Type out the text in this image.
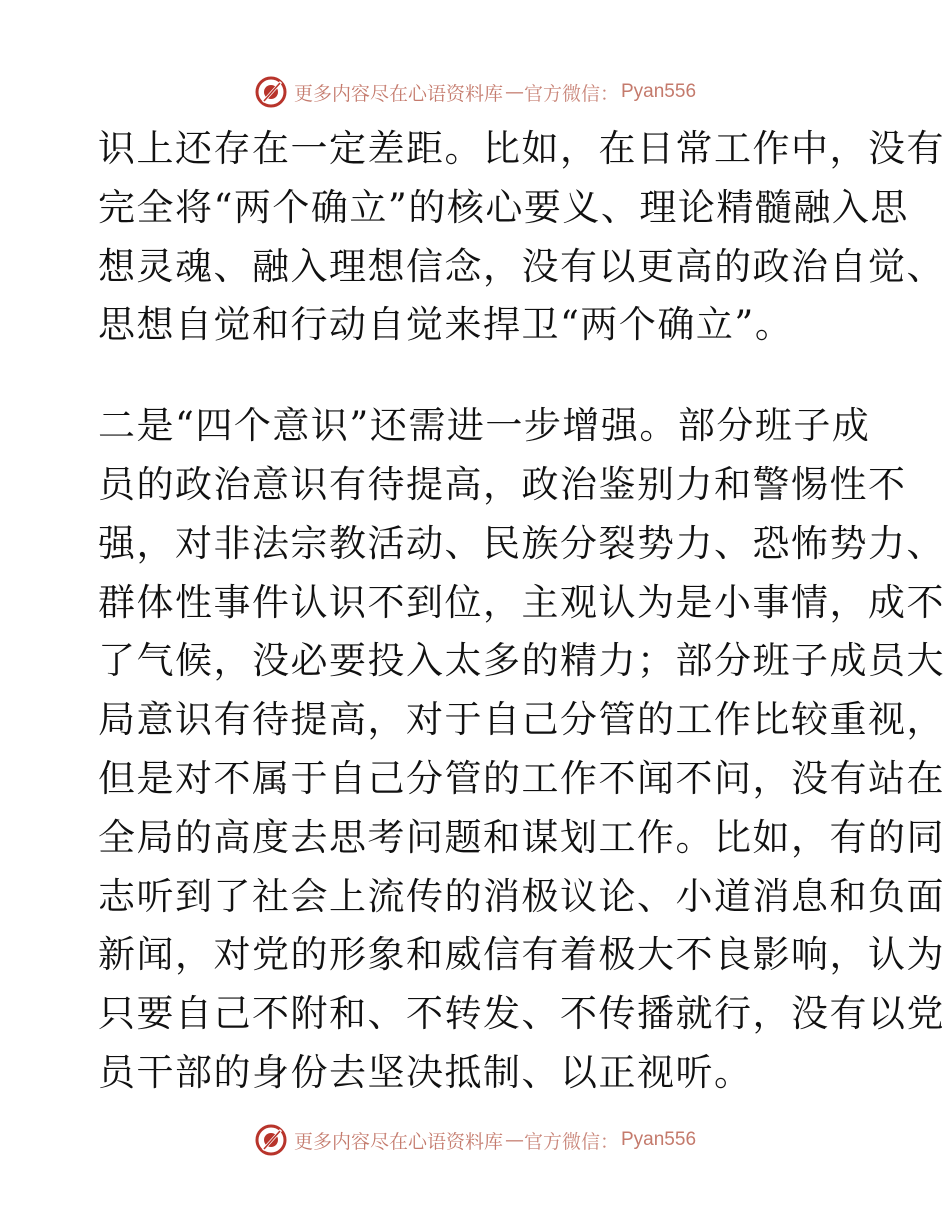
更多内容尽在心语资料库 — 官方微信： Pyan556
识上还存在一定差距。比如，在日常工作中，没有
完全将“两个确立”的核心要义、理论精髓融入思
想灵魂、融入理想信念，没有以更高的政治自觉、
思想自觉和行动自觉来捍卫“两个确立”。
二是“四个意识”还需进一步增强。部分班子成
员的政治意识有待提高，政治鉴别力和警惕性不
强，对非法宗教活动、民族分裂势力、恐怖势力、
群体性事件认识不到位，主观认为是小事情，成不
了气候，没必要投入太多的精力；部分班子成员大
局意识有待提高，对于自己分管的工作比较重视，
但是对不属于自己分管的工作不闻不问，没有站在
全局的高度去思考问题和谋划工作。比如，有的同
志听到了社会上流传的消极议论、小道消息和负面
新闻，对党的形象和威信有着极大不良影响，认为
只要自己不附和、不转发、不传播就行，没有以党
员干部的身份去坚决抵制、以正视听。
更多内容尽在心语资料库 — 官方微信： Pyan556
